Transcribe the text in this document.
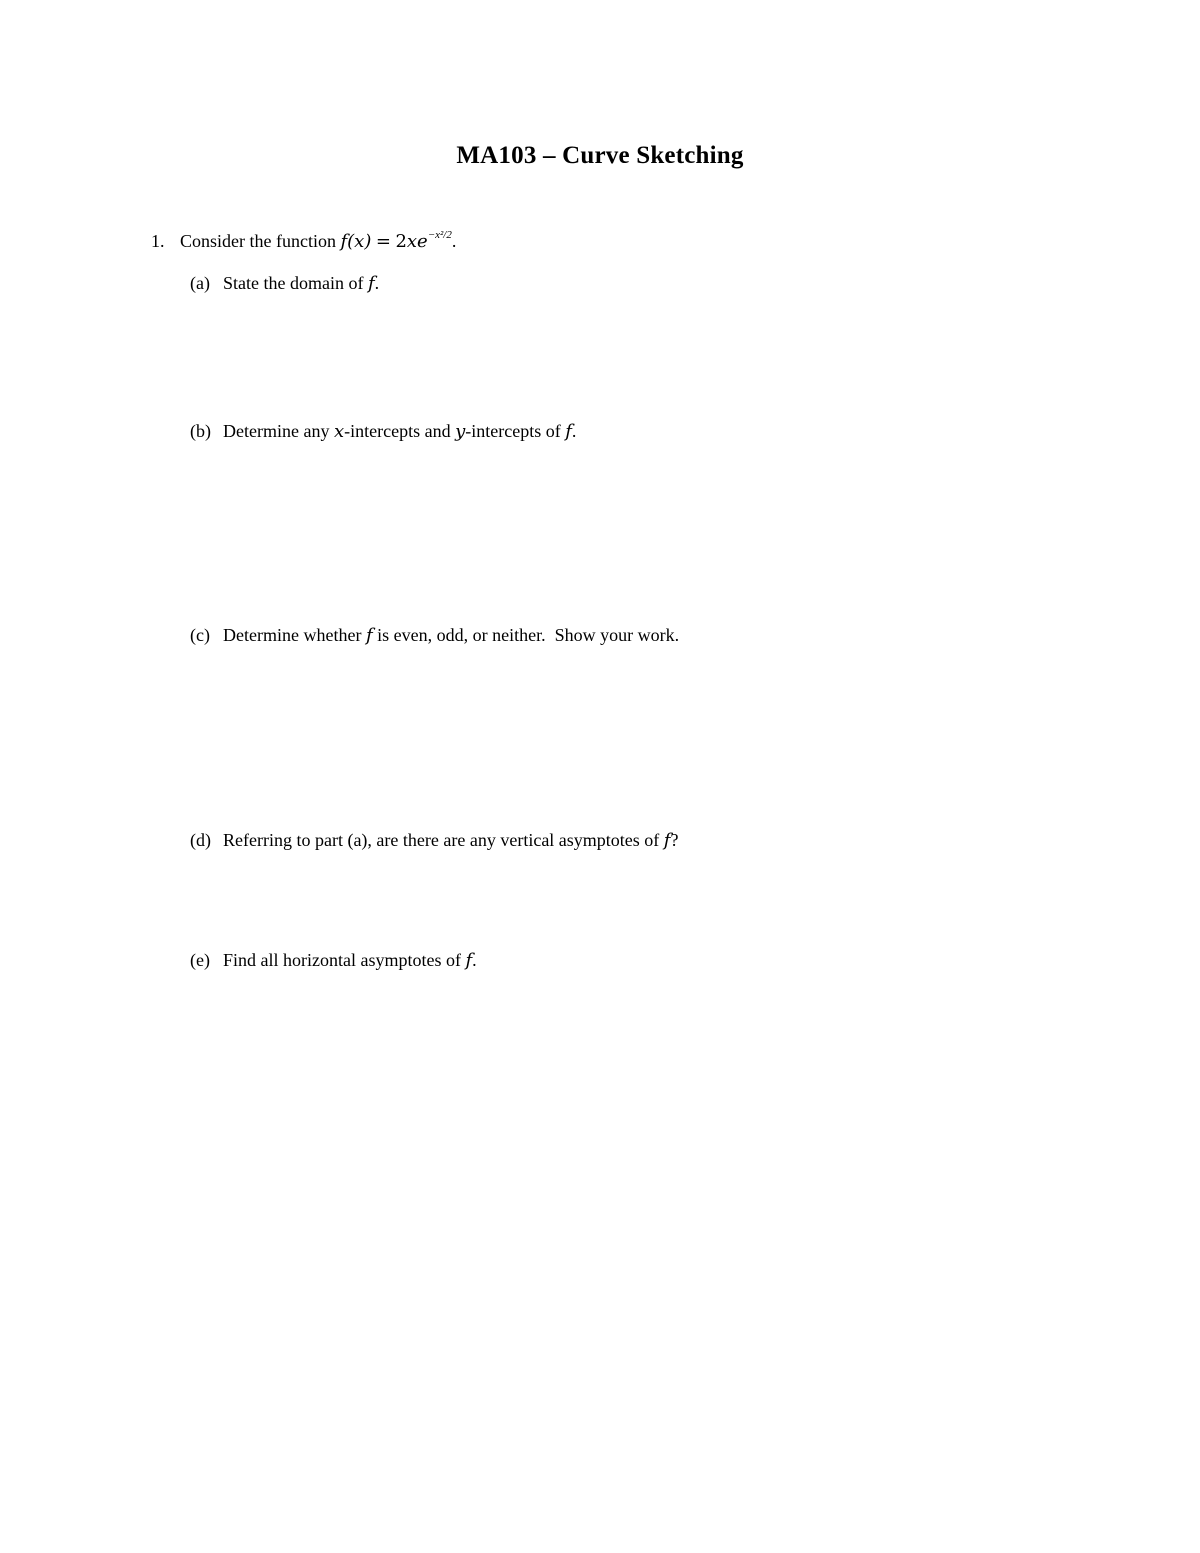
MA103 – Curve Sketching
1. Consider the function $f(x) = 2xe^{-x^2/2}$.
(a) State the domain of f.
(b) Determine any x-intercepts and y-intercepts of f.
(c) Determine whether f is even, odd, or neither.  Show your work.
(d) Referring to part (a), are there are any vertical asymptotes of f?
(e) Find all horizontal asymptotes of f.
